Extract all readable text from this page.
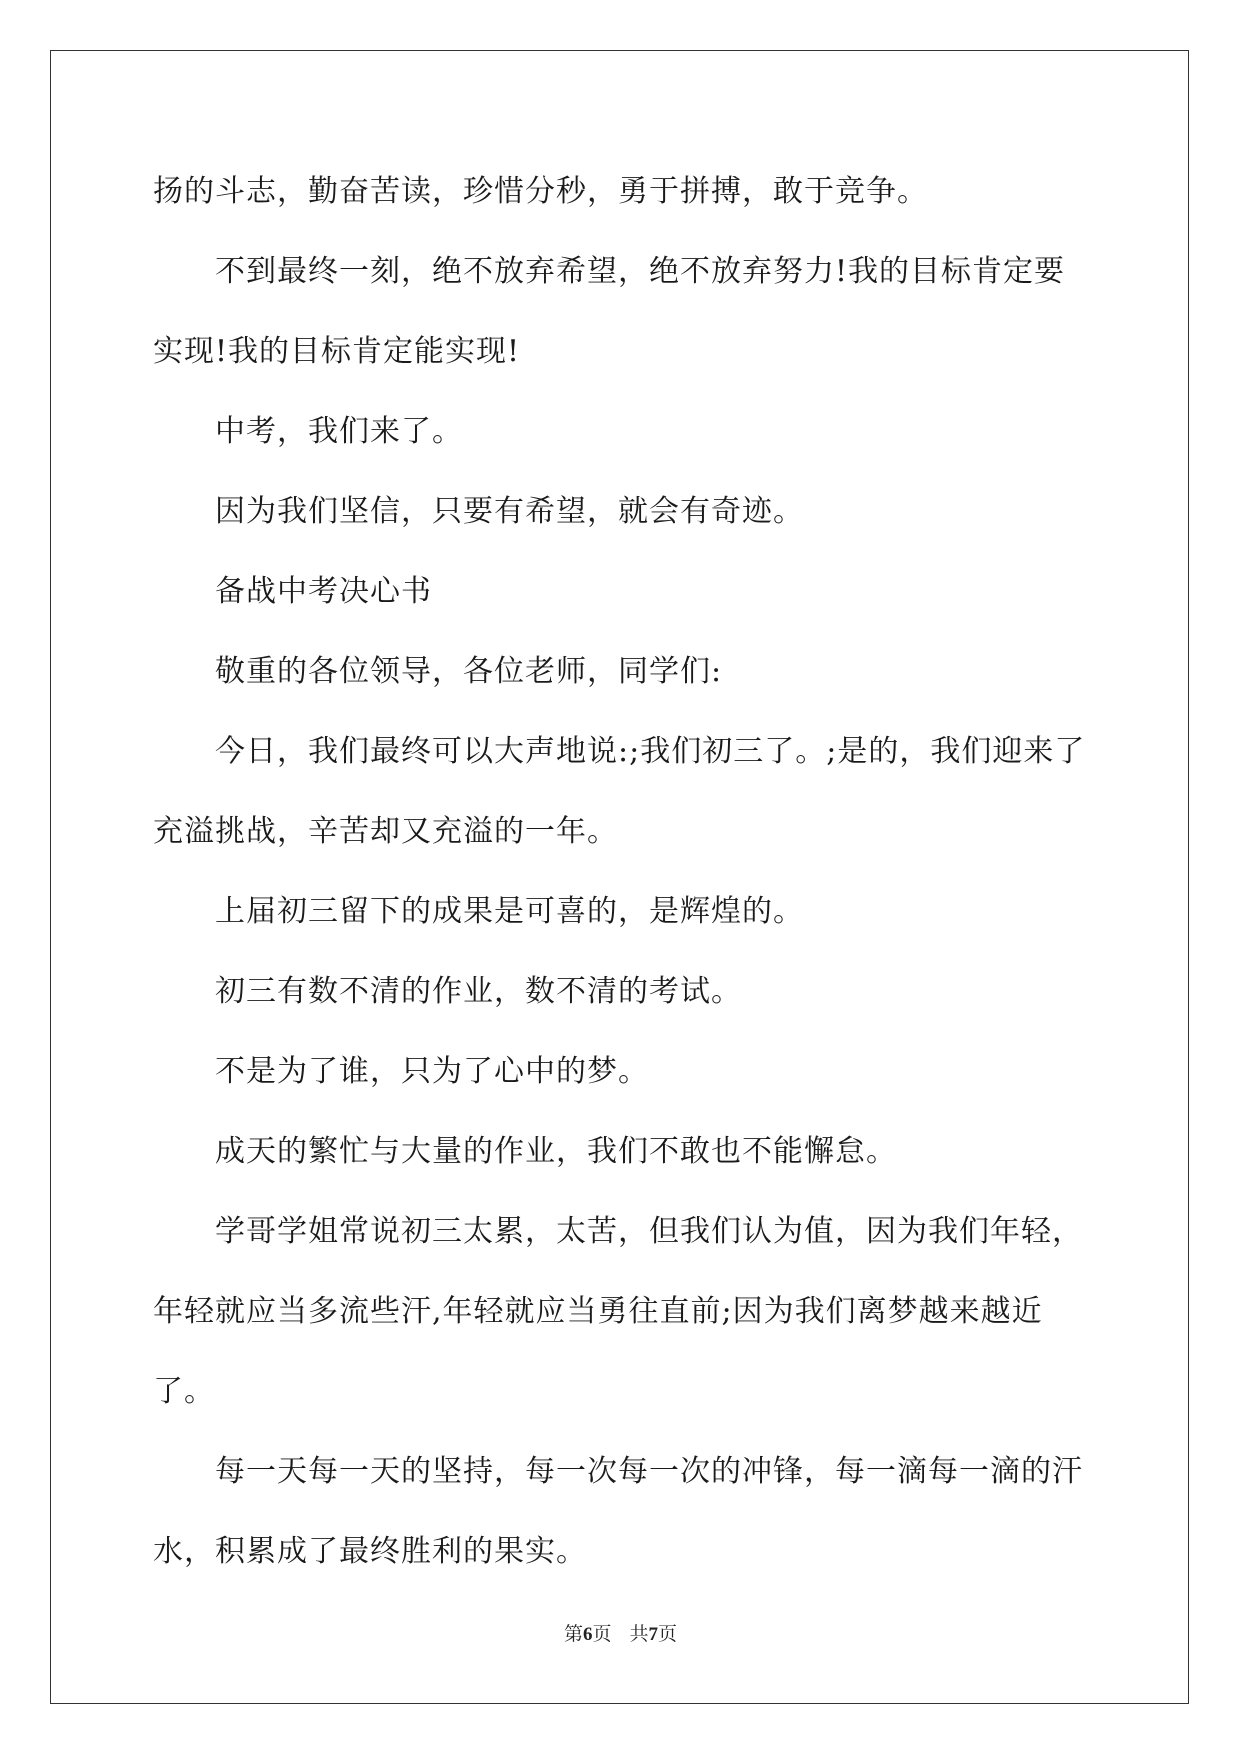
扬的斗志，勤奋苦读，珍惜分秒，勇于拼搏，敢于竞争。

不到最终一刻，绝不放弃希望，绝不放弃努力!我的目标肯定要实现!我的目标肯定能实现!

中考，我们来了。

因为我们坚信，只要有希望，就会有奇迹。

备战中考决心书

敬重的各位领导，各位老师，同学们:

今日，我们最终可以大声地说:;我们初三了。;是的，我们迎来了充溢挑战，辛苦却又充溢的一年。

上届初三留下的成果是可喜的，是辉煌的。

初三有数不清的作业，数不清的考试。

不是为了谁，只为了心中的梦。

成天的繁忙与大量的作业，我们不敢也不能懈怠。

学哥学姐常说初三太累，太苦，但我们认为值，因为我们年轻，年轻就应当多流些汗,年轻就应当勇往直前;因为我们离梦越来越近了。

每一天每一天的坚持，每一次每一次的冲锋，每一滴每一滴的汗水，积累成了最终胜利的果实。

第6页 共7页
